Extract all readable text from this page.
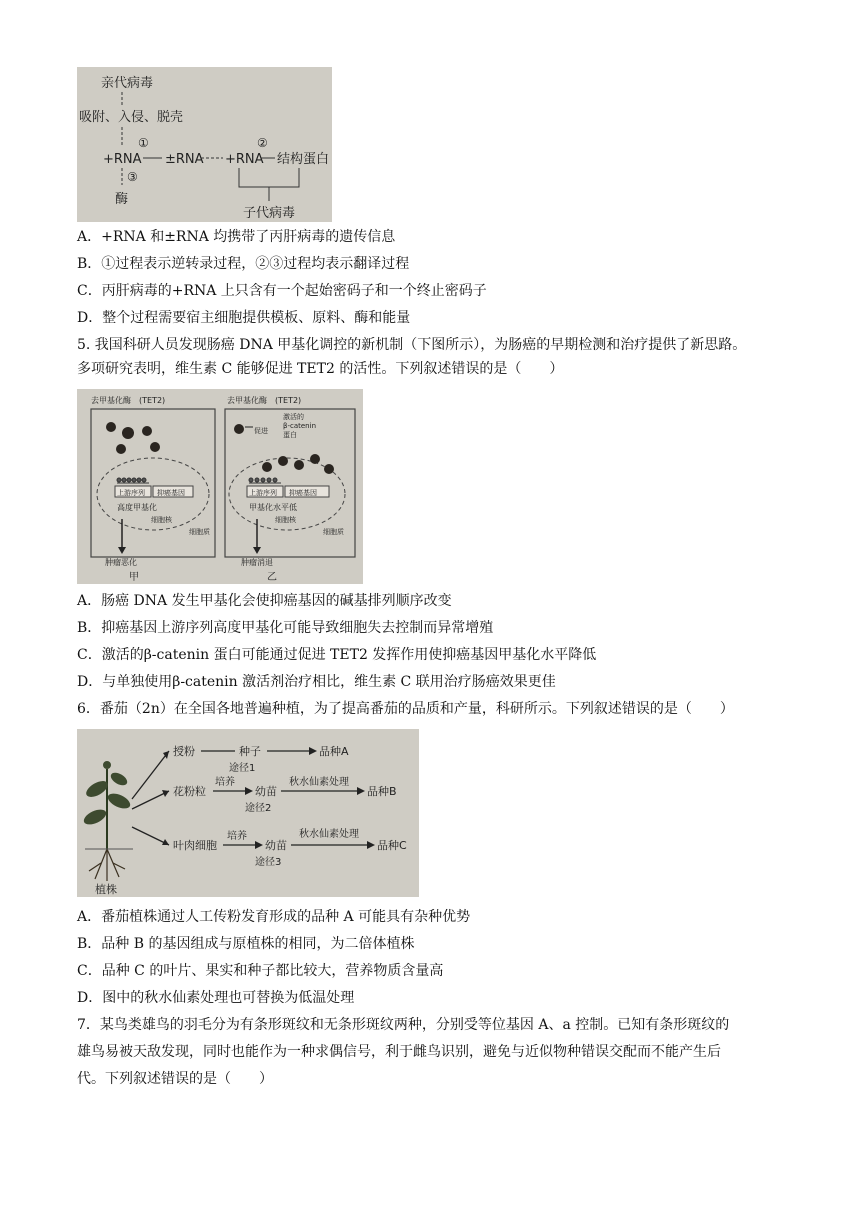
亲代病毒
吸附、入侵、脱壳
①	②
+RNA ±RNA +RNA 结构蛋白
③
酶
子代病毒
A．+RNA 和±RNA 均携带了丙肝病毒的遗传信息
B．①过程表示逆转录过程，②③过程均表示翻译过程
C．丙肝病毒的+RNA 上只含有一个起始密码子和一个终止密码子
D．整个过程需要宿主细胞提供模板、原料、酶和能量
5. 我国科研人员发现肠癌 DNA 甲基化调控的新机制（下图所示），为肠癌的早期检测和治疗提供了新思路。
多项研究表明，维生素 C 能够促进 TET2 的活性。下列叙述错误的是（　　）
去甲基化酶　(TET2)
上游序列 抑癌基因
高度甲基化
细胞核
细胞质
肿瘤恶化
甲
去甲基化酶　(TET2)
促进
激活的
β-catenin
蛋白
上游序列 抑癌基因
甲基化水平低
细胞核
细胞质
肿瘤消退
乙
A．肠癌 DNA 发生甲基化会使抑癌基因的碱基排列顺序改变
B．抑癌基因上游序列高度甲基化可能导致细胞失去控制而异常增殖
C．激活的β-catenin 蛋白可能通过促进 TET2 发挥作用使抑癌基因甲基化水平降低
D．与单独使用β-catenin 激活剂治疗相比，维生素 C 联用治疗肠癌效果更佳
6．番茄（2n）在全国各地普遍种植，为了提高番茄的品质和产量，科研所示。下列叙述错误的是（　　）
植株
授粉	种子
途径1
品种A
花粉粒
培养
幼苗
途径2
秋水仙素处理
品种B
叶肉细胞
培养
幼苗
途径3
秋水仙素处理
品种C
A．番茄植株通过人工传粉发育形成的品种 A 可能具有杂种优势
B．品种 B 的基因组成与原植株的相同，为二倍体植株
C．品种 C 的叶片、果实和种子都比较大，营养物质含量高
D．图中的秋水仙素处理也可替换为低温处理
7．某鸟类雄鸟的羽毛分为有条形斑纹和无条形斑纹两种，分别受等位基因 A、a 控制。已知有条形斑纹的
雄鸟易被天敌发现，同时也能作为一种求偶信号，利于雌鸟识别，避免与近似物种错误交配而不能产生后
代。下列叙述错误的是（　　）
